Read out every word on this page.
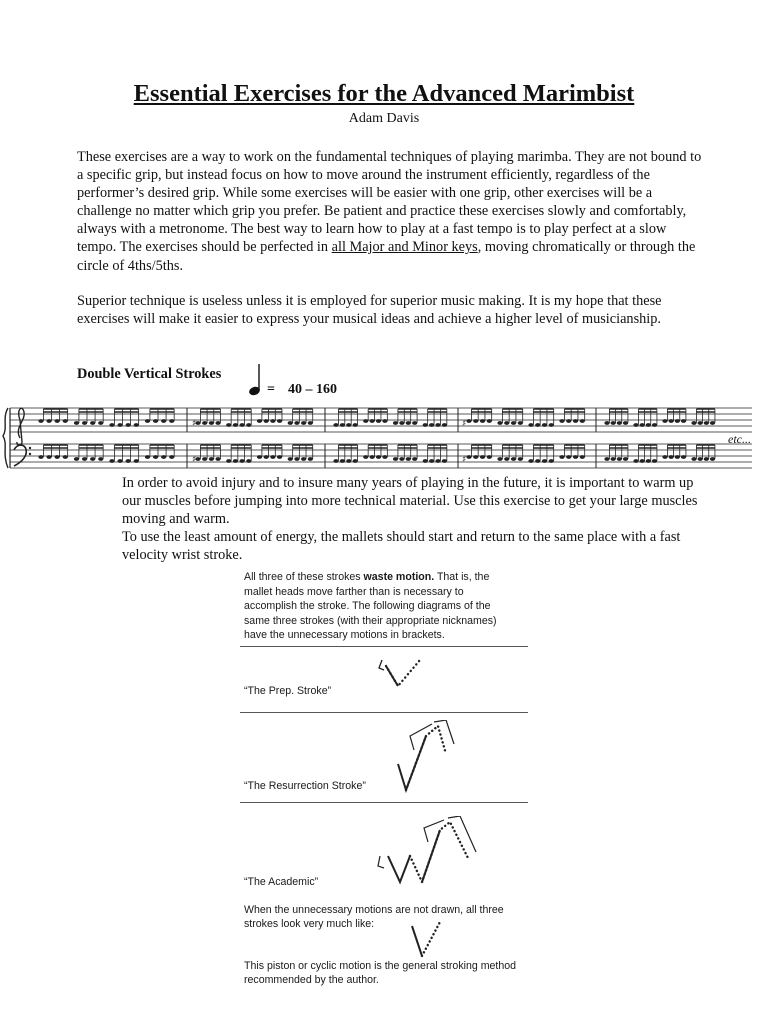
Essential Exercises for the Advanced Marimbist
Adam Davis

These exercises are a way to work on the fundamental techniques of playing marimba. They are not bound to a specific grip, but instead focus on how to move around the instrument efficiently, regardless of the performer’s desired grip. While some exercises will be easier with one grip, other exercises will be a challenge no matter which grip you prefer. Be patient and practice these exercises slowly and comfortably, always with a metronome. The best way to learn how to play at a fast tempo is to play perfect at a slow tempo. The exercises should be perfected in all Major and Minor keys, moving chromatically or through the circle of 4ths/5ths.

Superior technique is useless unless it is employed for superior music making. It is my hope that these exercises will make it easier to express your musical ideas and achieve a higher level of musicianship.

Double Vertical Strokes
= 40 – 160
♯
♯
♯
♯
etc...

In order to avoid injury and to insure many years of playing in the future, it is important to warm up our muscles before jumping into more technical material. Use this exercise to get your large muscles moving and warm.
To use the least amount of energy, the mallets should start and return to the same place with a fast velocity wrist stroke.

All three of these strokes waste motion. That is, the mallet heads move farther than is necessary to accomplish the stroke. The following diagrams of the same three strokes (with their appropriate nicknames) have the unnecessary motions in brackets.

“The Prep. Stroke”
“The Resurrection Stroke”
“The Academic”

When the unnecessary motions are not drawn, all three strokes look very much like:

This piston or cyclic motion is the general stroking method recommended by the author.
